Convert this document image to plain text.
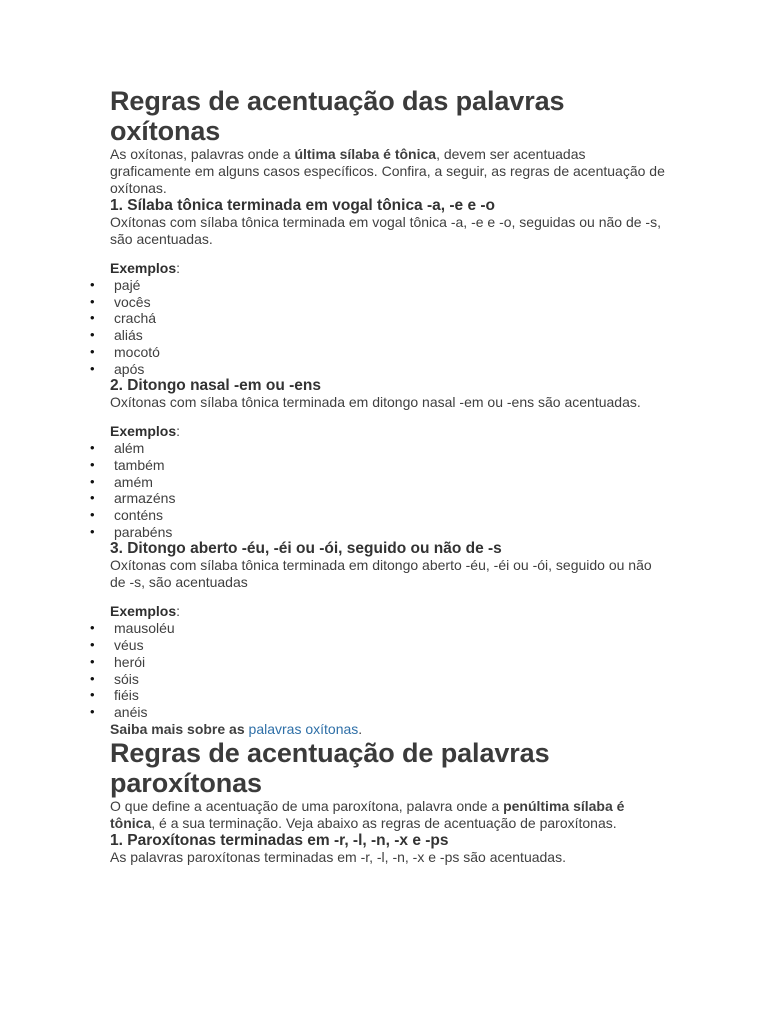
Regras de acentuação das palavras oxítonas

As oxítonas, palavras onde a última sílaba é tônica, devem ser acentuadas graficamente em alguns casos específicos. Confira, a seguir, as regras de acentuação de oxítonas.

1. Sílaba tônica terminada em vogal tônica -a, -e e -o

Oxítonas com sílaba tônica terminada em vogal tônica -a, -e e -o, seguidas ou não de -s, são acentuadas.

Exemplos:

• pajé
• vocês
• crachá
• aliás
• mocotó
• após
2. Ditongo nasal -em ou -ens

Oxítonas com sílaba tônica terminada em ditongo nasal -em ou -ens são acentuadas.

Exemplos:

• além
• também
• amém
• armazéns
• conténs
• parabéns
3. Ditongo aberto -éu, -éi ou -ói, seguido ou não de -s

Oxítonas com sílaba tônica terminada em ditongo aberto -éu, -éi ou -ói, seguido ou não de -s, são acentuadas

Exemplos:

• mausoléu
• véus
• herói
• sóis
• fiéis
• anéis

Saiba mais sobre as palavras oxítonas.

Regras de acentuação de palavras paroxítonas

O que define a acentuação de uma paroxítona, palavra onde a penúltima sílaba é tônica, é a sua terminação. Veja abaixo as regras de acentuação de paroxítonas.

1. Paroxítonas terminadas em -r, -l, -n, -x e -ps

As palavras paroxítonas terminadas em -r, -l, -n, -x e -ps são acentuadas.
